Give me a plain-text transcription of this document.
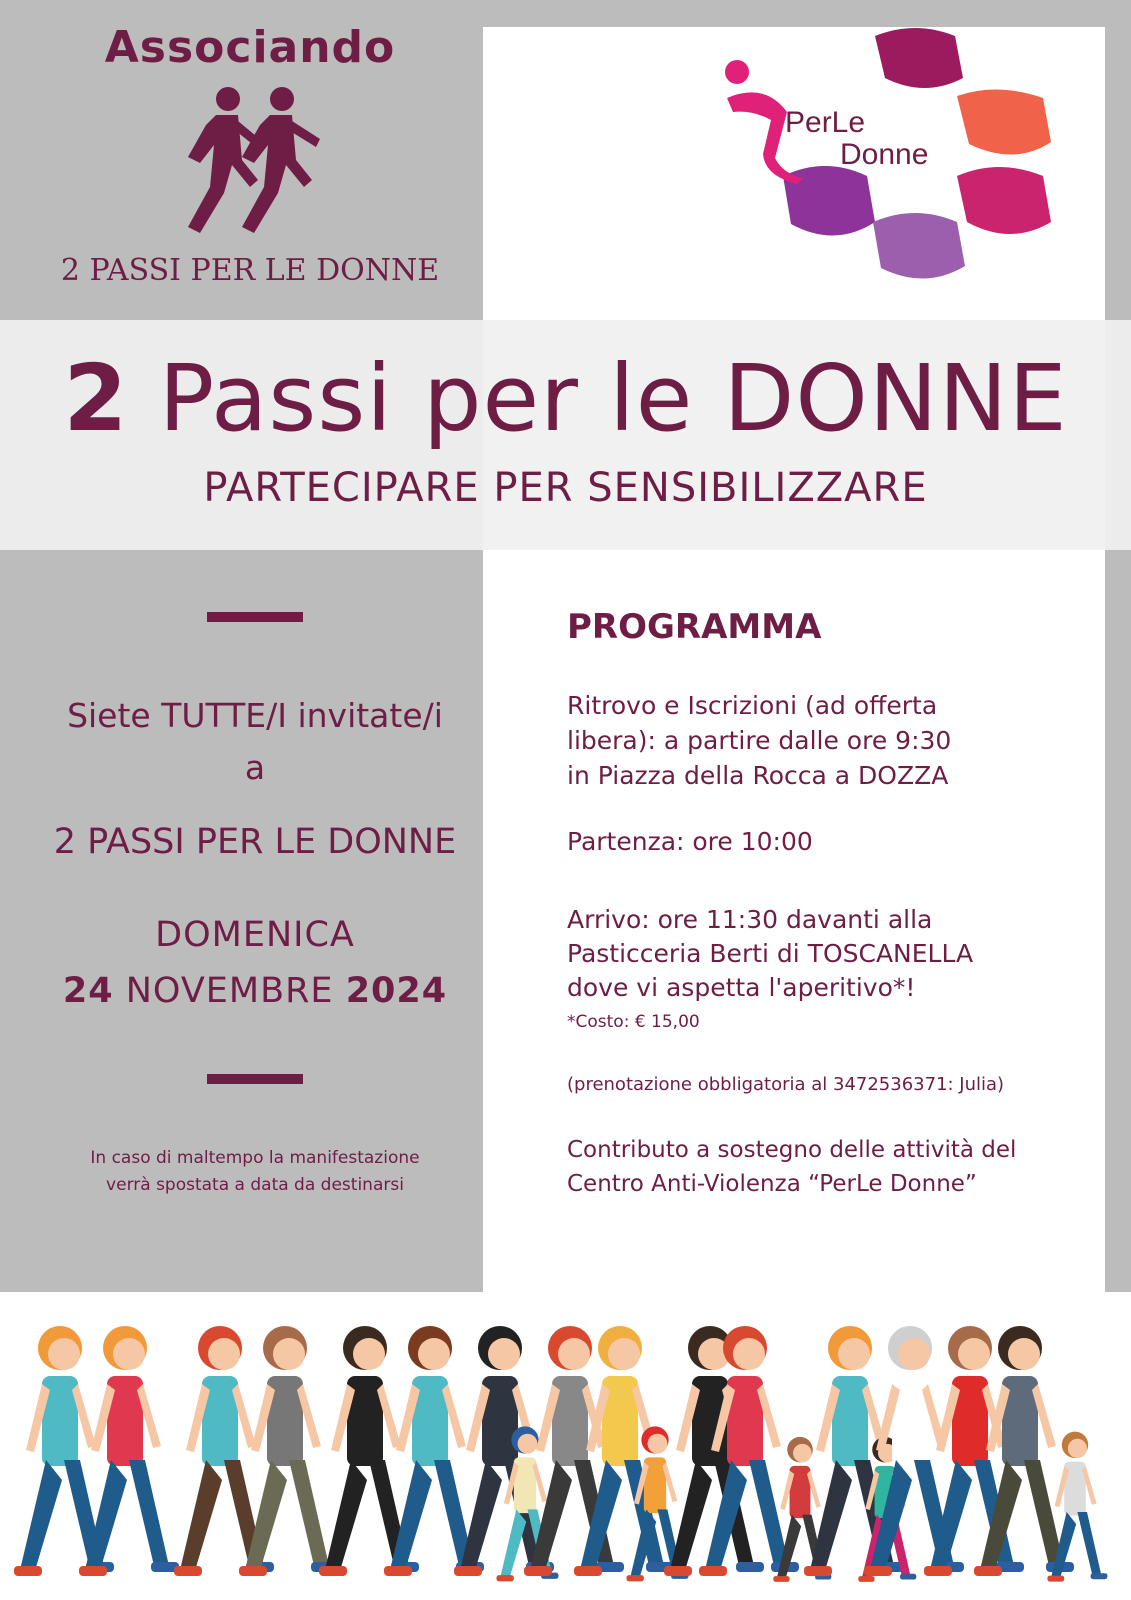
Associando
2 PASSI PER LE DONNE
PerLe
Donne
2 Passi per le DONNE
PARTECIPARE PER SENSIBILIZZARE
Siete TUTTE/I invitate/i
a
2 PASSI PER LE DONNE
DOMENICA
24 NOVEMBRE 2024
In caso di maltempo la manifestazione
verrà spostata a data da destinarsi
PROGRAMMA
Ritrovo e Iscrizioni (ad offerta
libera): a partire dalle ore 9:30
in Piazza della Rocca a DOZZA
Partenza: ore 10:00
Arrivo: ore 11:30 davanti alla
Pasticceria Berti di TOSCANELLA
dove vi aspetta l'aperitivo*!
*Costo: € 15,00
(prenotazione obbligatoria al 3472536371: Julia)
Contributo a sostegno delle attività del
Centro Anti-Violenza “PerLe Donne”
